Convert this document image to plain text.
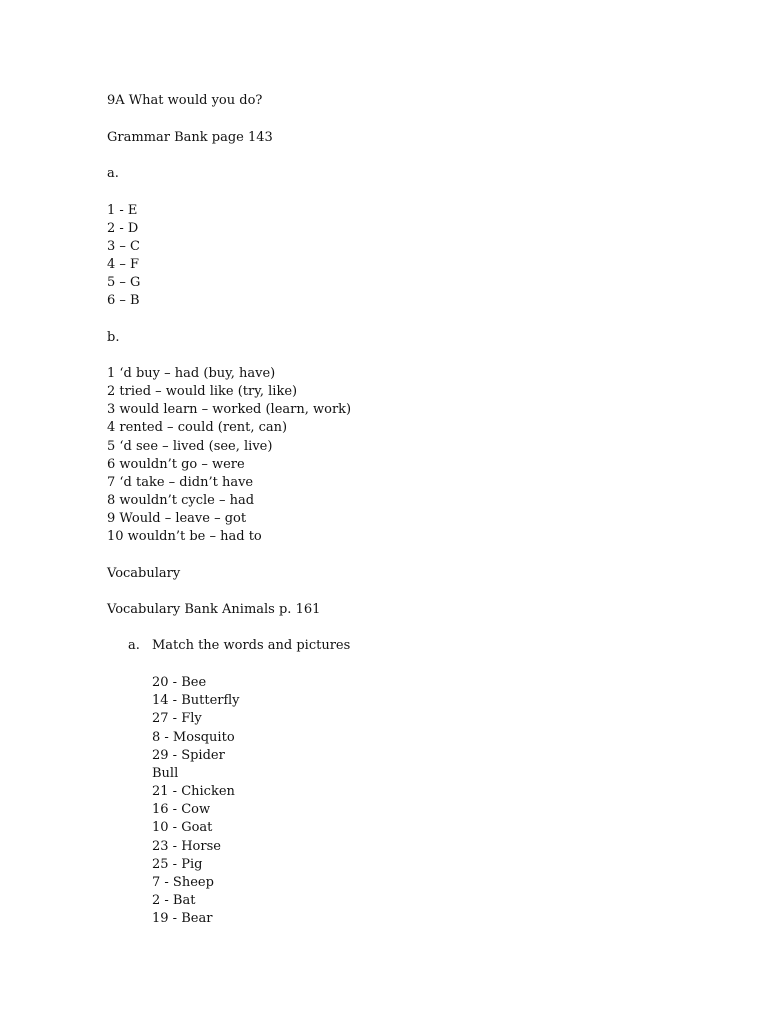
9A What would you do?
Grammar Bank page 143
a.
1 - E
2 - D
3 – C
4 – F
5 – G
6 – B
b.
1 ‘d buy – had (buy, have)
2 tried – would like (try, like)
3 would learn – worked (learn, work)
4 rented – could (rent, can)
5 ‘d see – lived (see, live)
6 wouldn’t go – were
7 ‘d take – didn’t have
8 wouldn’t cycle – had
9 Would – leave – got
10 wouldn’t be – had to
Vocabulary
Vocabulary Bank Animals p. 161
a. Match the words and pictures
20 - Bee
14 - Butterfly
27 - Fly
8 - Mosquito
29 - Spider
Bull
21 - Chicken
16 - Cow
10 - Goat
23 - Horse
25 - Pig
7 - Sheep
2 - Bat
19 - Bear
